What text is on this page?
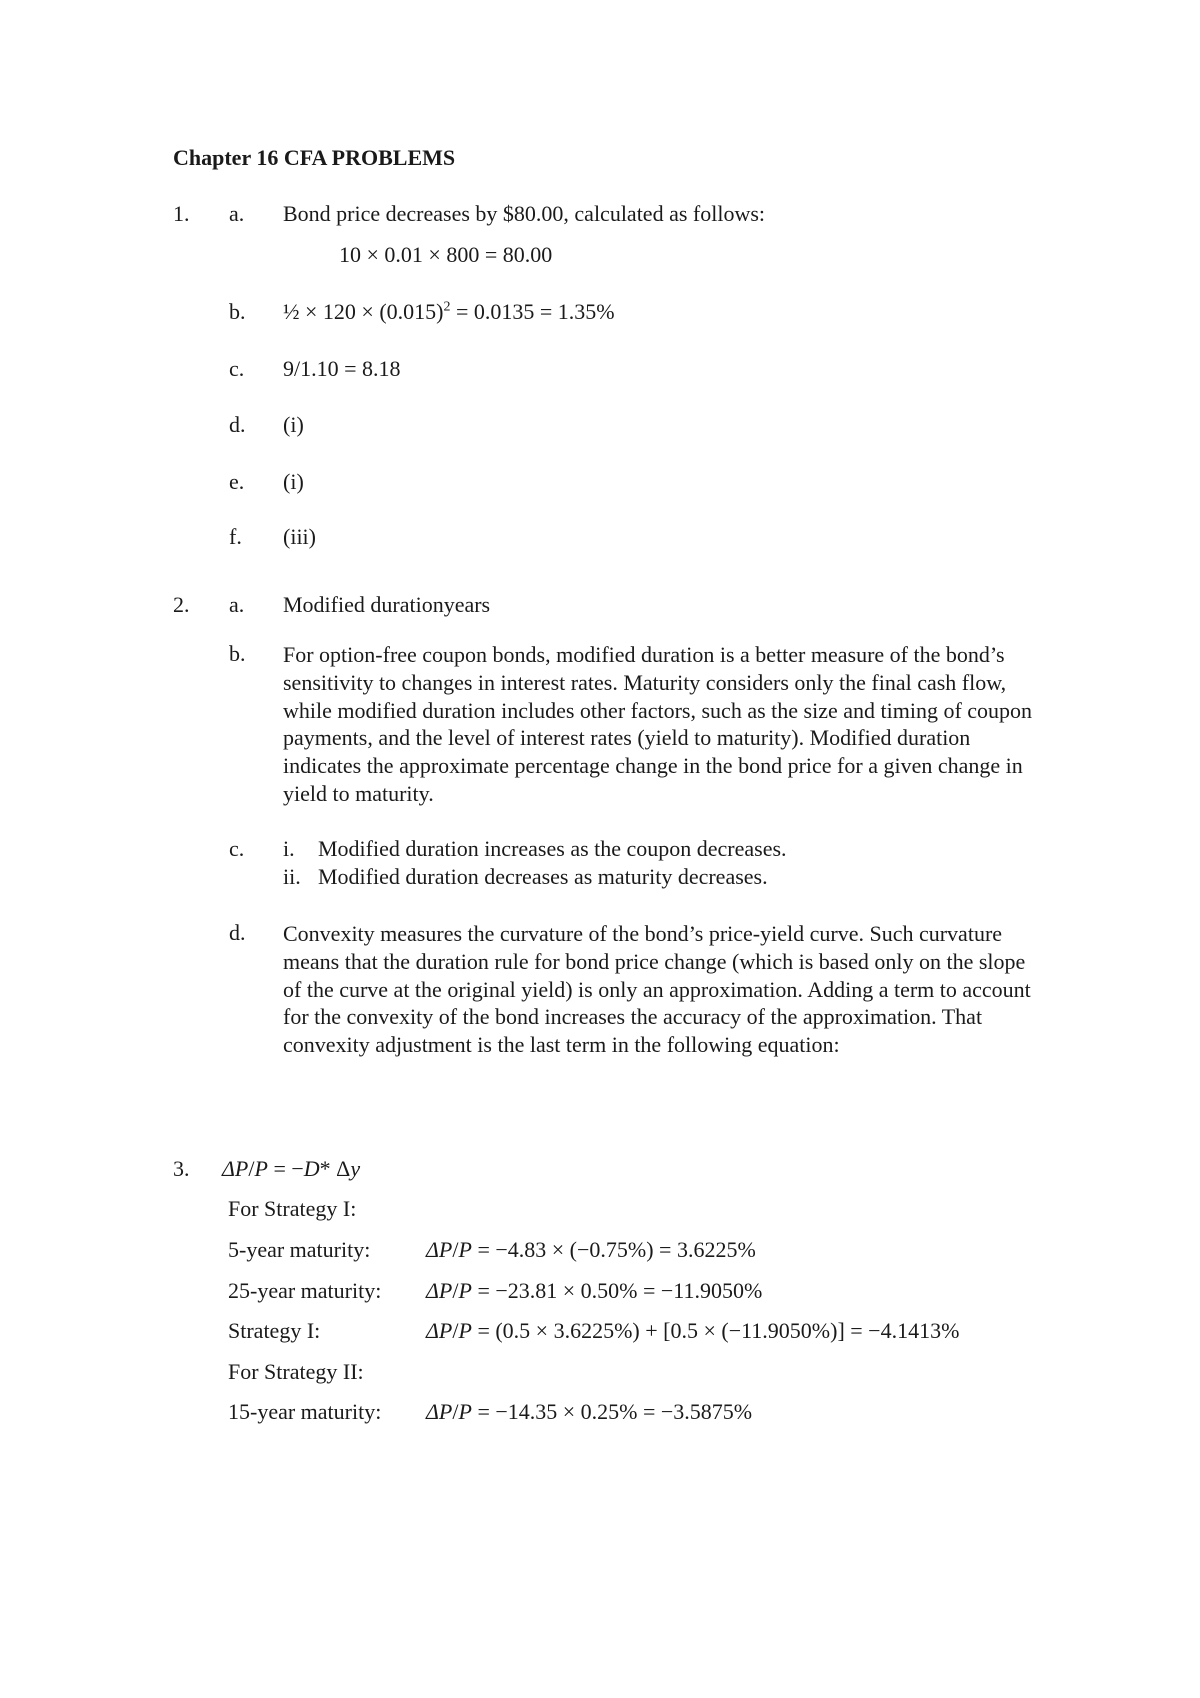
Chapter 16 CFA PROBLEMS
1. a. Bond price decreases by $80.00, calculated as follows:
10 × 0.01 × 800 = 80.00
b. ½ × $120 \times (0.015)^2 = 0.0135 = 1.35\%$
c. 9/1.10 = 8.18
d. (i)
e. (i)
f. (iii)
2. a. Modified durationyears
b. For option-free coupon bonds, modified duration is a better measure of the bond’s sensitivity to changes in interest rates. Maturity considers only the final cash flow, while modified duration includes other factors, such as the size and timing of coupon payments, and the level of interest rates (yield to maturity). Modified duration indicates the approximate percentage change in the bond price for a given change in yield to maturity.
c. i. Modified duration increases as the coupon decreases.
ii. Modified duration decreases as maturity decreases.
d. Convexity measures the curvature of the bond’s price-yield curve. Such curvature means that the duration rule for bond price change (which is based only on the slope of the curve at the original yield) is only an approximation. Adding a term to account for the convexity of the bond increases the accuracy of the approximation. That convexity adjustment is the last term in the following equation:
3. ΔP/P = −D* Δy
For Strategy I:
5-year maturity:	ΔP/P = −4.83 × (−0.75%) = 3.6225%
25-year maturity: ΔP/P = −23.81 × 0.50% = −11.9050%
Strategy I:	ΔP/P = (0.5 × 3.6225%) + [0.5 × (−11.9050%)] = −4.1413%
For Strategy II:
15-year maturity: ΔP/P = −14.35 × 0.25% = −3.5875%
